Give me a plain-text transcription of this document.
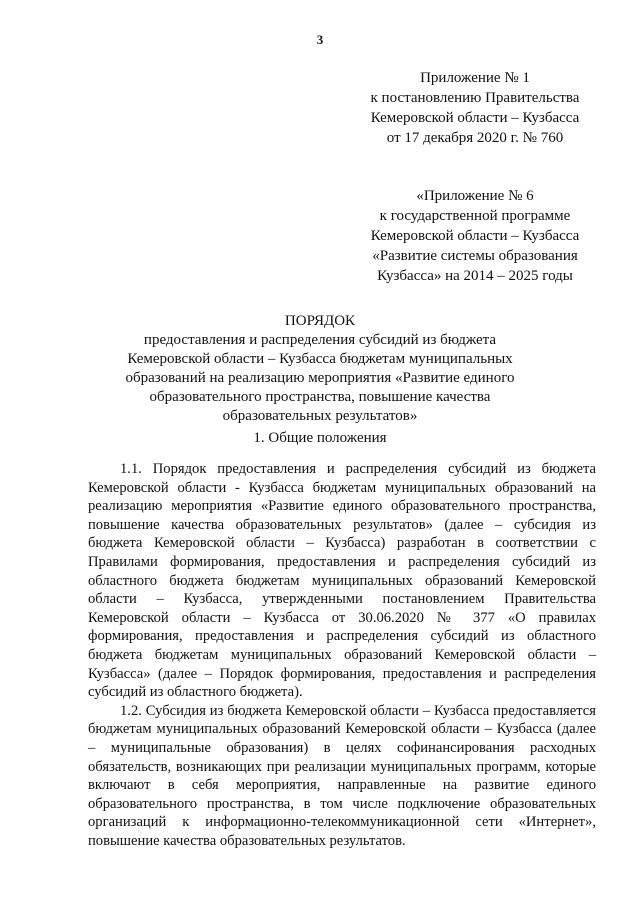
3
Приложение № 1
к постановлению Правительства
Кемеровской области – Кузбасса
от 17 декабря 2020 г. № 760
«Приложение № 6
к государственной программе
Кемеровской области – Кузбасса
«Развитие системы образования
Кузбасса» на 2014 – 2025 годы
ПОРЯДОК
предоставления и распределения субсидий из бюджета
Кемеровской области – Кузбасса бюджетам муниципальных
образований на реализацию мероприятия «Развитие единого
образовательного пространства, повышение качества
образовательных результатов»
1. Общие положения

1.1. Порядок предоставления и распределения субсидий из бюджета Кемеровской области - Кузбасса бюджетам муниципальных образований на реализацию мероприятия «Развитие единого образовательного пространства, повышение качества образовательных результатов» (далее – субсидия из бюджета Кемеровской области – Кузбасса) разработан в соответствии с Правилами формирования, предоставления и распределения субсидий из областного бюджета бюджетам муниципальных образований Кемеровской области – Кузбасса, утвержденными постановлением Правительства Кемеровской области – Кузбасса от 30.06.2020 № 377 «О правилах формирования, предоставления и распределения субсидий из областного бюджета бюджетам муниципальных образований Кемеровской области – Кузбасса» (далее – Порядок формирования, предоставления и распределения субсидий из областного бюджета).

1.2. Субсидия из бюджета Кемеровской области – Кузбасса предоставляется бюджетам муниципальных образований Кемеровской области – Кузбасса (далее – муниципальные образования) в целях софинансирования расходных обязательств, возникающих при реализации муниципальных программ, которые включают в себя мероприятия, направленные на развитие единого образовательного пространства, в том числе подключение образовательных организаций к информационно-телекоммуникационной сети «Интернет», повышение качества образовательных результатов.
